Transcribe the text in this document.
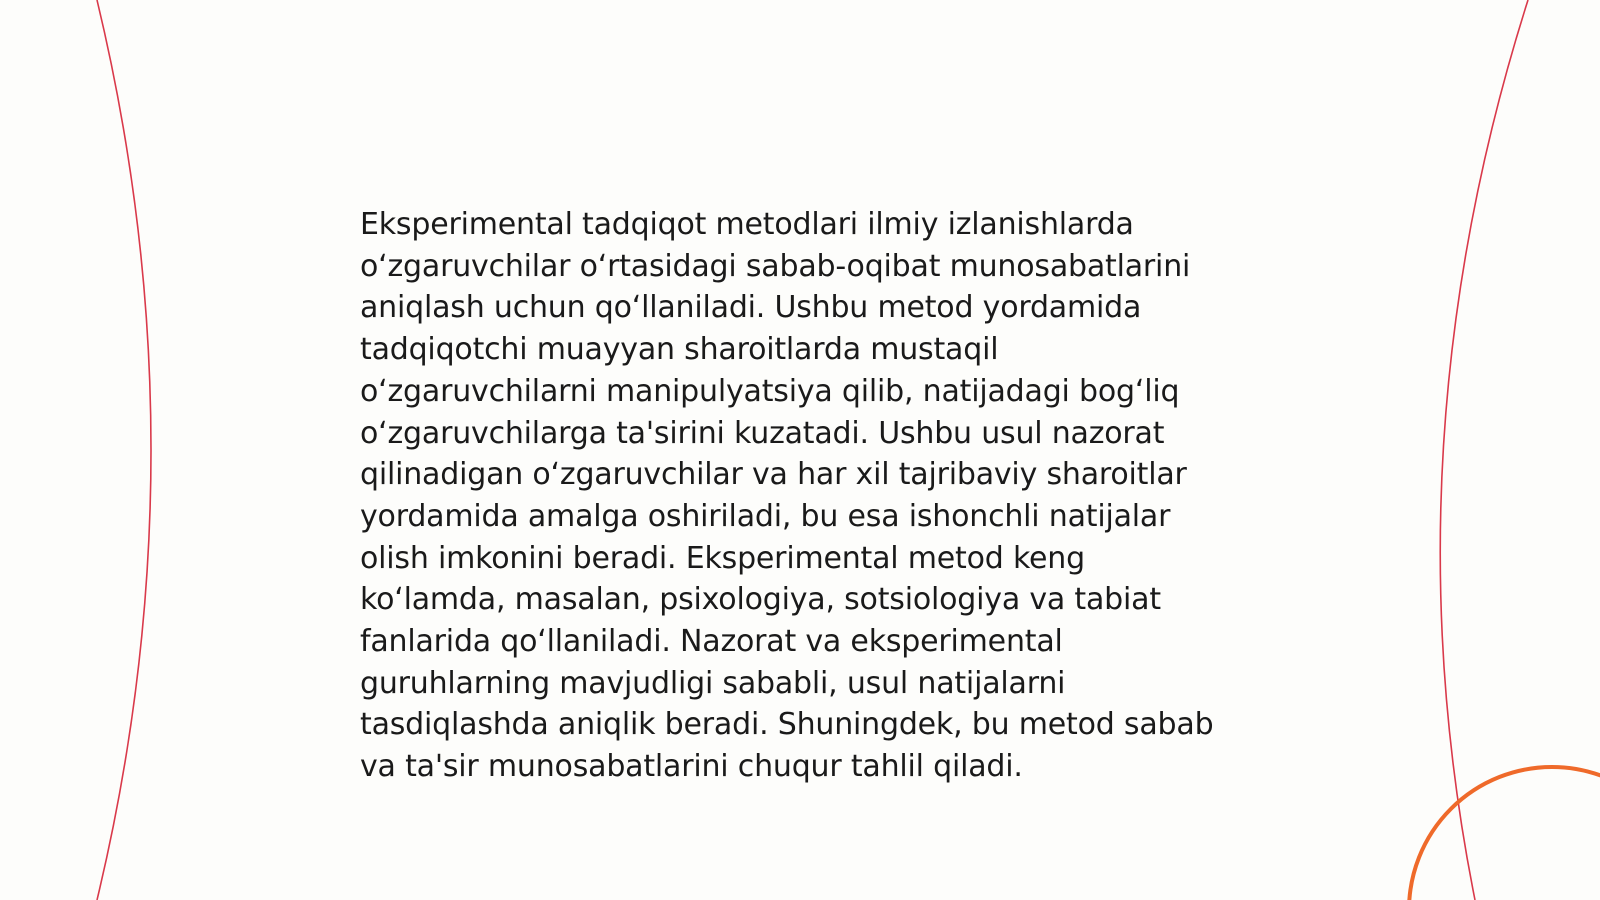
Eksperimental tadqiqot metodlari ilmiy izlanishlarda oʻzgaruvchilar oʻrtasidagi sabab-oqibat munosabatlarini aniqlash uchun qoʻllaniladi. Ushbu metod yordamida tadqiqotchi muayyan sharoitlarda mustaqil oʻzgaruvchilarni manipulyatsiya qilib, natijadagi bogʻliq oʻzgaruvchilarga ta'sirini kuzatadi. Ushbu usul nazorat qilinadigan oʻzgaruvchilar va har xil tajribaviy sharoitlar yordamida amalga oshiriladi, bu esa ishonchli natijalar olish imkonini beradi. Eksperimental metod keng koʻlamda, masalan, psixologiya, sotsiologiya va tabiat fanlarida qoʻllaniladi. Nazorat va eksperimental guruhlarning mavjudligi sababli, usul natijalarni tasdiqlashda aniqlik beradi. Shuningdek, bu metod sabab va ta'sir munosabatlarini chuqur tahlil qiladi.
